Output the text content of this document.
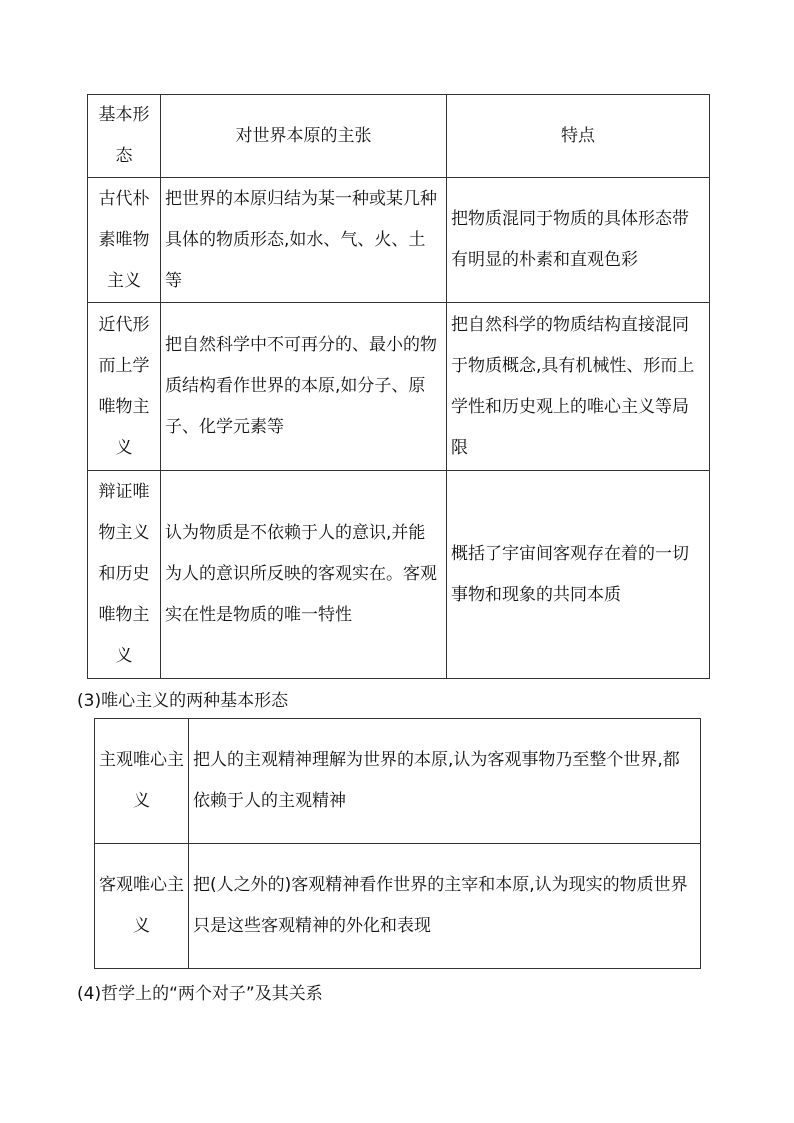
基本形态	对世界本原的主张	特点
古代朴素唯物主义	把世界的本原归结为某一种或某几种具体的物质形态,如水、气、火、土等	把物质混同于物质的具体形态带有明显的朴素和直观色彩
近代形而上学唯物主义	把自然科学中不可再分的、最小的物质结构看作世界的本原,如分子、原子、化学元素等	把自然科学的物质结构直接混同于物质概念,具有机械性、形而上学性和历史观上的唯心主义等局限
辩证唯物主义和历史唯物主义	认为物质是不依赖于人的意识,并能为人的意识所反映的客观实在。客观实在性是物质的唯一特性	概括了宇宙间客观存在着的一切事物和现象的共同本质
(3)唯心主义的两种基本形态
主观唯心主义	把人的主观精神理解为世界的本原,认为客观事物乃至整个世界,都依赖于人的主观精神
客观唯心主义	把(人之外的)客观精神看作世界的主宰和本原,认为现实的物质世界只是这些客观精神的外化和表现
(4)哲学上的“两个对子”及其关系
